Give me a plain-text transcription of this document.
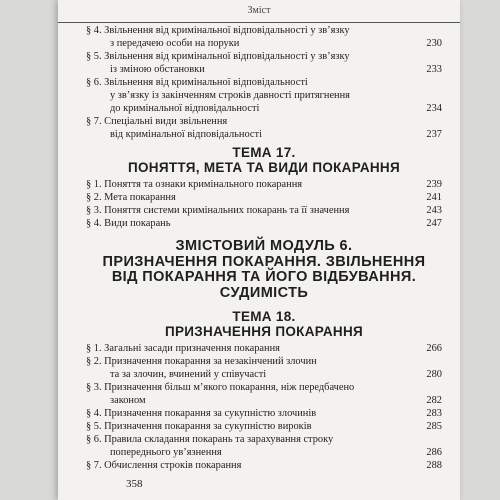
Зміст
§ 4. Звільнення від кримінальної відповідальності у зв’язку
з передачею особи на поруки	230
§ 5. Звільнення від кримінальної відповідальності у зв’язку
із зміною обстановки	233
§ 6. Звільнення від кримінальної відповідальності
у зв’язку із закінченням строків давності притягнення
до кримінальної відповідальності	234
§ 7. Спеціальні види звільнення
від кримінальної відповідальності	237
ТЕМА 17.
ПОНЯТТЯ, МЕТА ТА ВИДИ ПОКАРАННЯ
§ 1. Поняття та ознаки кримінального покарання	239
§ 2. Мета покарання	241
§ 3. Поняття системи кримінальних покарань та її значення	243
§ 4. Види покарань	247
ЗМІСТОВИЙ МОДУЛЬ 6.
ПРИЗНАЧЕННЯ ПОКАРАННЯ. ЗВІЛЬНЕННЯ
ВІД ПОКАРАННЯ ТА ЙОГО ВІДБУВАННЯ.
СУДИМІСТЬ
ТЕМА 18.
ПРИЗНАЧЕННЯ ПОКАРАННЯ
§ 1. Загальні засади призначення покарання	266
§ 2. Призначення покарання за незакінчений злочин
та за злочин, вчинений у співучасті	280
§ 3. Призначення більш м’якого покарання, ніж передбачено
законом	282
§ 4. Призначення покарання за сукупністю злочинів	283
§ 5. Призначення покарання за сукупністю вироків	285
§ 6. Правила складання покарань та зарахування строку
попереднього ув’язнення	286
§ 7. Обчислення строків покарання	288
358
